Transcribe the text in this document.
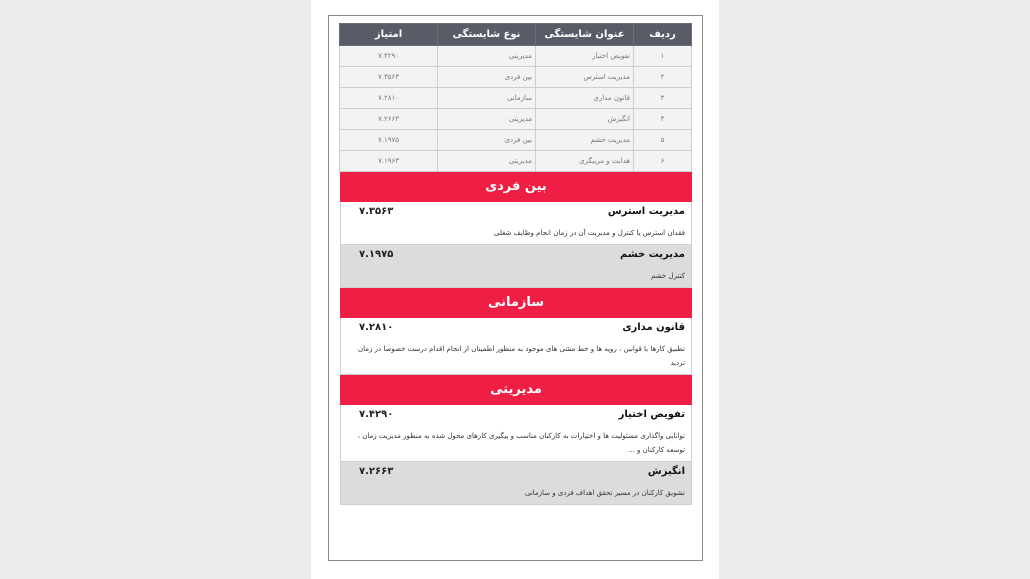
ردیف	عنوان شایستگی	نوع شایستگی	امتیاز
۱	تفویض اختیار	مدیریتی	۷.۴۲۹۰
۲	مدیریت استرس	بین فردی	۷.۳۵۶۳
۳	قانون مداری	سازمانی	۷.۲۸۱۰
۴	انگیزش	مدیریتی	۷.۲۶۶۳
۵	مدیریت خشم	بین فردی	۷.۱۹۷۵
۶	هدایت و مربیگری	مدیریتی	۷.۱۹۶۳
بین فردی
مدیریت استرس
۷.۳۵۶۳
فقدان استرس یا کنترل و مدیریت آن در زمان انجام وظایف شغلی
مدیریت خشم
۷.۱۹۷۵
کنترل خشم
سازمانی
قانون مداری
۷.۲۸۱۰
تطبیق کارها با قوانین ، رویه ها و خط مشی های موجود به منظور اطمینان از انجام اقدام درست خصوصا در زمان تردید
مدیریتی
تفویض اختیار
۷.۴۲۹۰
توانایی واگذاری مسئولیت ها و اختیارات به کارکنان مناسب و پیگیری کارهای محول شده به منظور مدیریت زمان ، توسعه کارکنان و ...
انگیزش
۷.۲۶۶۳
تشویق کارکنان در مسیر تحقق اهداف فردی و سازمانی
